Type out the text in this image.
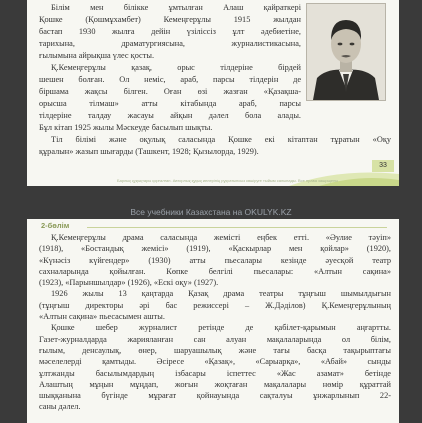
Білім мен білікке ұмтылған Алаш қайраткері
Қошке (Қошмұхамбет) Кемеңгерұлы 1915 жылдан
бастап 1930 жылға дейін үзіліссіз ұлт әдебиетіне,
тарихына, драматургиясына, журналистикасына,
ғылымына айрықша үлес қосты.
Қ.Кемеңгерұлы қазақ, орыс тілдеріне бірдей
шешен болған. Ол неміс, араб, парсы тілдерін де
біршама жақсы білген. Оған өзі жазған «Қазақша-
орысша тілмаш» атты кітабында араб, парсы
тілдеріне талдау жасауы айқын дәлел бола алады.
Бұл кітап 1925 жылы Мәскеуде басылып шықты.
Тіл білімі және оқулық саласында Қошке екі кітаптан тұратын «Оқу
құралын» жазып шығарды (Ташкент, 1928; Қызылорда, 1929).
33
Барлық құқықтары қорғалған. Авторлық құқық иелерінің рұқсатынсыз көшіруге тыйым салынады. Все права защищены
Все учебники Казахстана на OKULYK.KZ
2-бөлім
Қ.Кемеңгерұлы драма саласында жемісті еңбек етті. «Әулие тәуіп»
(1918), «Бостандық жемісі» (1919), «Қаскырлар мен қойлар» (1920),
«Күнәсіз күйгендер» (1930) атты пьесалары кезінде әуесқой театр
сахналарында қойылған. Көпке белгілі пьесалары: «Алтын сақина»
(1923), «Парыншылдар» (1926), «Ескі оқу» (1927).
1926 жылы 13 қаңтарда Қазақ драма театры тұңғыш шымылдығын
(тұңғыш директоры әрі бас режиссері – Ж.Дәділов) Қ.Кемеңгерұлының
«Алтын сақина» пьесасымен ашты.
Қошке шебер журналист ретінде де қабілет-қарымын аңғартты.
Газет-журналдарда жарияланған сан алуан мақалаларында ол білім,
ғылым, денсаулық, өнер, шаруашылық және тағы басқа тақырыптағы
мәселелерді қамтыды. Әсіресе «Қазақ», «Сарыарқа», «Абай» сынды
ұлтжанды басылымдардың ізбасары іспеттес «Жас азамат» бетінде
Алаштың мұңын мұңдап, жоғын жоқтаған мақалалары нөмір құраттай
шыққанына бүгінде мұрағат қойнауында сақталуы ұнжарлынып 22-
саны дәлел.
